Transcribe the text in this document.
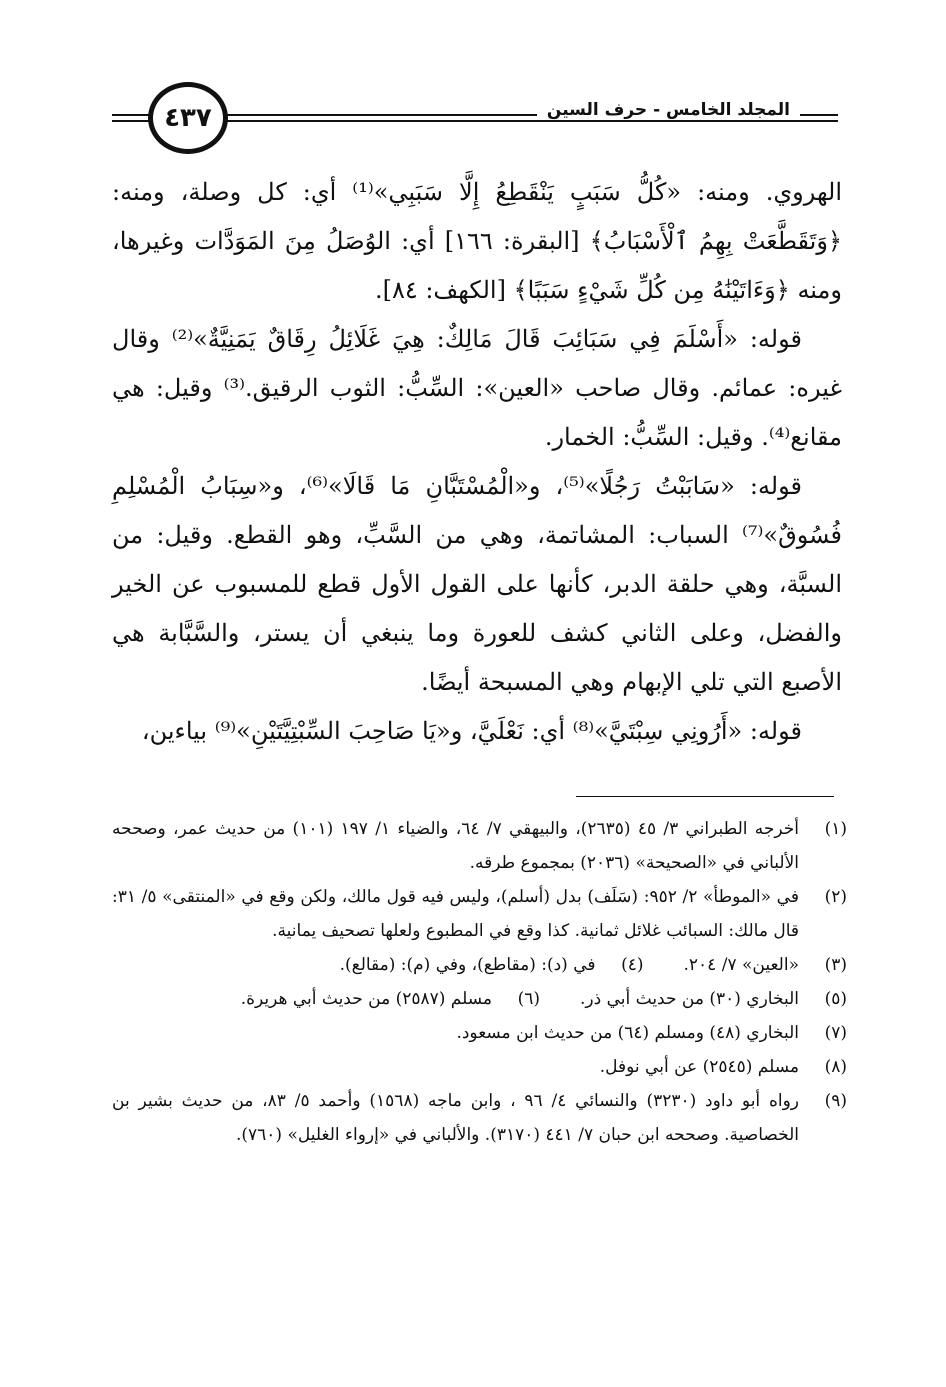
٤٣٧	المجلد الخامس - حرف السين

الهروي. ومنه: «كُلُّ سَبَبٍ يَنْقَطِعُ إِلَّا سَبَبِي»⁽¹⁾ أي: كل وصلة، ومنه: ﴿وَتَقَطَّعَتْ بِهِمُ ٱلْأَسْبَابُ﴾ [البقرة: ١٦٦] أي: الوُصَلُ مِنَ المَوَدَّات وغيرها، ومنه ﴿وَءَاتَيْنَٰهُ مِن كُلِّ شَيْءٍ سَبَبًا﴾ [الكهف: ٨٤].

قوله: «أَسْلَمَ فِي سَبَائِبَ قَالَ مَالِكٌ: هِيَ غَلَائِلُ رِقَاقٌ يَمَنِيَّةٌ»⁽²⁾ وقال غيره: عمائم. وقال صاحب «العين»: السِّبُّ: الثوب الرقيق.⁽³⁾ وقيل: هي مقانع⁽⁴⁾. وقيل: السِّبُّ: الخمار.

قوله: «سَابَبْتُ رَجُلًا»⁽⁵⁾، و«الْمُسْتَبَّانِ مَا قَالَا»⁽⁶⁾، و«سِبَابُ الْمُسْلِمِ فُسُوقٌ»⁽⁷⁾ السباب: المشاتمة، وهي من السَّبِّ، وهو القطع. وقيل: من السبَّة، وهي حلقة الدبر، كأنها على القول الأول قطع للمسبوب عن الخير والفضل، وعلى الثاني كشف للعورة وما ينبغي أن يستر، والسَّبَّابة هي الأصبع التي تلي الإبهام وهي المسبحة أيضًا.

قوله: «أَرُونِي سِبْتَيَّ»⁽⁸⁾ أي: نَعْلَيَّ، و«يَا صَاحِبَ السِّبْتِيَّتَيْنِ»⁽⁹⁾ بياءين،

(١)
أخرجه الطبراني ٣/ ٤٥ (٢٦٣٥)، والبيهقي ٧/ ٦٤، والضياء ١/ ١٩٧ (١٠١) من حديث عمر، وصححه الألباني في «الصحيحة» (٢٠٣٦) بمجموع طرقه.
(٢)
في «الموطأ» ٢/ ٩٥٢: (سَلَف) بدل (أسلم)، وليس فيه قول مالك، ولكن وقع في «المنتقى» ٥/ ٣١: قال مالك: السبائب غلائل ثمانية. كذا وقع في المطبوع ولعلها تصحيف يمانية.
(٣)
«العين» ٧/ ٢٠٤.
(٤)
في (د): (مقاطع)، وفي (م): (مقالع).
(٥)
البخاري (٣٠) من حديث أبي ذر.
(٦)
مسلم (٢٥٨٧) من حديث أبي هريرة.
(٧)
البخاري (٤٨) ومسلم (٦٤) من حديث ابن مسعود.
(٨)
مسلم (٢٥٤٥) عن أبي نوفل.
(٩)
رواه أبو داود (٣٢٣٠) والنسائي ٤/ ٩٦ ، وابن ماجه (١٥٦٨) وأحمد ٥/ ٨٣، من حديث بشير بن الخصاصية. وصححه ابن حبان ٧/ ٤٤١ (٣١٧٠). والألباني في «إرواء الغليل» (٧٦٠).
